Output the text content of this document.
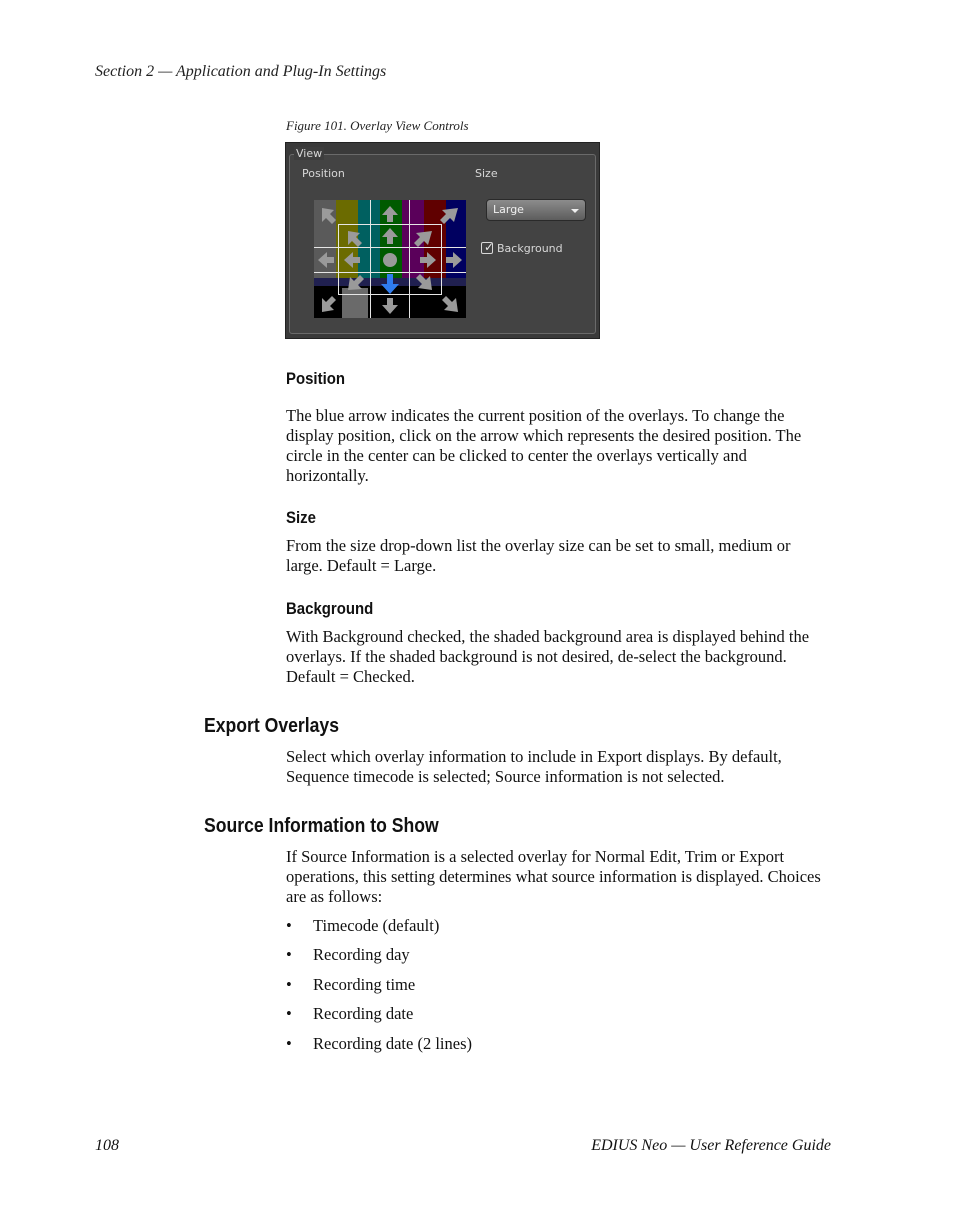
Section 2 — Application and Plug-In Settings
Figure 101. Overlay View Controls
View
Position	Size
Large
✓ Background
Position
The blue arrow indicates the current position of the overlays. To change the display position, click on the arrow which represents the desired position. The circle in the center can be clicked to center the overlays vertically and horizontally.
Size
From the size drop-down list the overlay size can be set to small, medium or large. Default = Large.
Background
With Background checked, the shaded background area is displayed behind the overlays. If the shaded background is not desired, de-select the background. Default = Checked.
Export Overlays
Select which overlay information to include in Export displays. By default, Sequence timecode is selected; Source information is not selected.
Source Information to Show
If Source Information is a selected overlay for Normal Edit, Trim or Export operations, this setting determines what source information is displayed. Choices are as follows:
• Timecode (default)
• Recording day
• Recording time
• Recording date
• Recording date (2 lines)
108	EDIUS Neo — User Reference Guide
